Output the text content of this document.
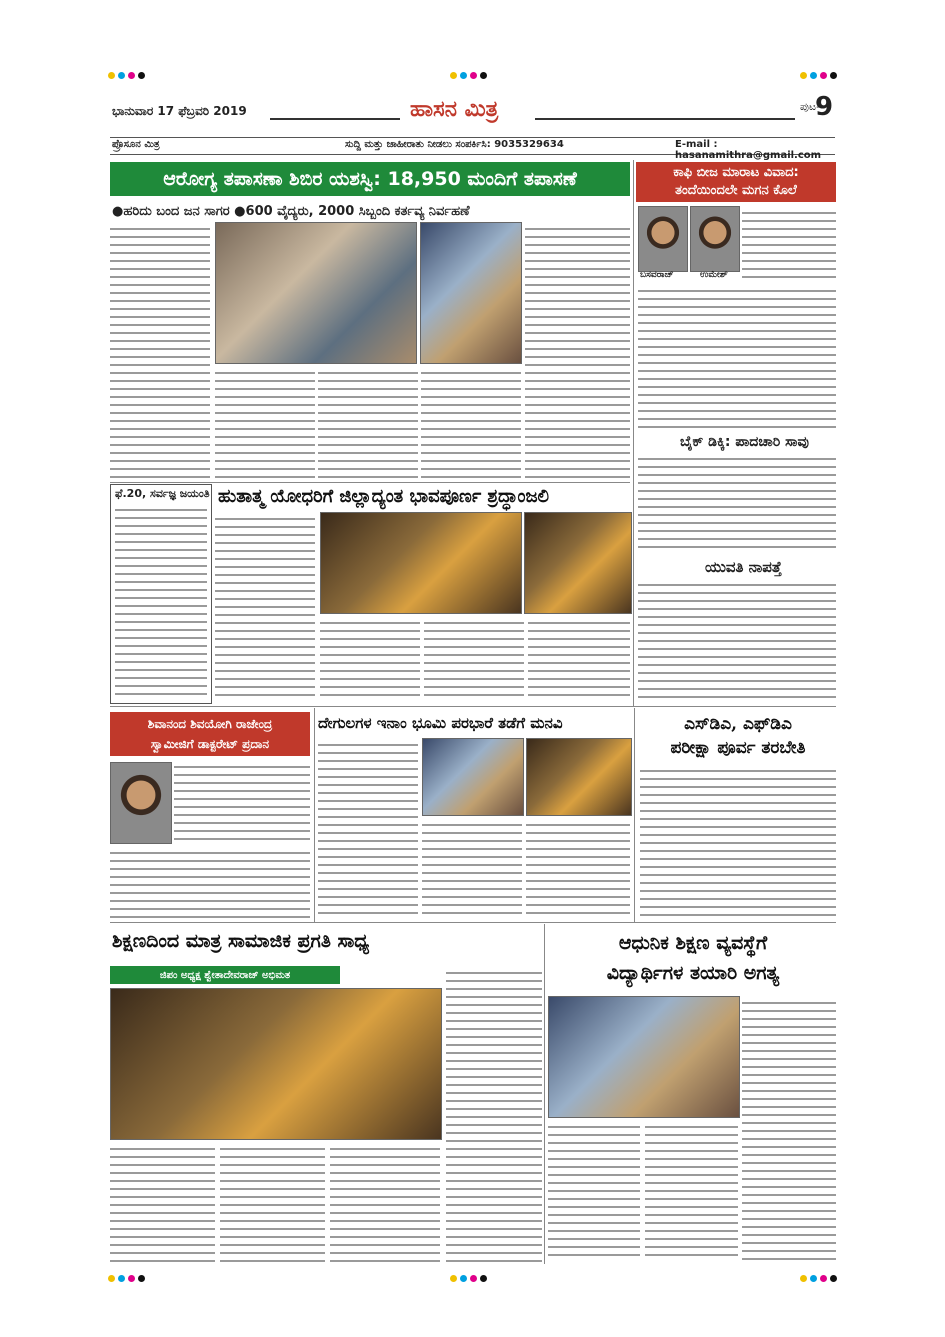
ಭಾನುವಾರ 17 ಫೆಬ್ರವರಿ 2019	ಹಾಸನ ಮಿತ್ರ	ಪುಟ-
9
ಪ್ರೊಸೂನ ಮಿತ್ರ	ಸುದ್ದಿ ಮತ್ತು ಜಾಹೀರಾತು ನೀಡಲು ಸಂಪರ್ಕಿಸಿ: 9035329634	E-mail : hasanamithra@gmail.com
ಆರೋಗ್ಯ ತಪಾಸಣಾ ಶಿಬಿರ ಯಶಸ್ವಿ: 18,950 ಮಂದಿಗೆ ತಪಾಸಣೆ
●ಹರಿದು ಬಂದ ಜನ ಸಾಗರ ●600 ವೈದ್ಯರು, 2000 ಸಿಬ್ಬಂದಿ ಕರ್ತವ್ಯ ನಿರ್ವಹಣೆ
ಕಾಫಿ ಬೀಜ ಮಾರಾಟ ವಿವಾದ:
ತಂದೆಯಿಂದಲೇ ಮಗನ ಕೊಲೆ
ಬಸವರಾಜ್	ಉಮೇಶ್
ಬೈಕ್ ಡಿಕ್ಕಿ: ಪಾದಚಾರಿ ಸಾವು
ಯುವತಿ ನಾಪತ್ತೆ
ಫೆ.20, ಸರ್ವಜ್ಞ ಜಯಂತಿ ಹುತಾತ್ಮ ಯೋಧರಿಗೆ ಜಿಲ್ಲಾದ್ಯಂತ ಭಾವಪೂರ್ಣ ಶ್ರದ್ಧಾಂಜಲಿ
ಶಿವಾನಂದ ಶಿವಯೋಗಿ ರಾಜೇಂದ್ರ
ಸ್ವಾಮೀಜಿಗೆ ಡಾಕ್ಟರೇಟ್ ಪ್ರದಾನ
ದೇಗುಲಗಳ ಇನಾಂ ಭೂಮಿ ಪರಭಾರೆ ತಡೆಗೆ ಮನವಿ	ಎಸ್‌ಡಿಎ, ಎಫ್‌ಡಿಎ
ಪರೀಕ್ಷಾ ಪೂರ್ವ ತರಬೇತಿ
ಶಿಕ್ಷಣದಿಂದ ಮಾತ್ರ ಸಾಮಾಜಿಕ ಪ್ರಗತಿ ಸಾಧ್ಯ
ಜಿಪಂ ಅಧ್ಯಕ್ಷ ಶ್ವೇತಾದೇವರಾಜ್ ಅಭಿಮತ
ಆಧುನಿಕ ಶಿಕ್ಷಣ ವ್ಯವಸ್ಥೆಗೆ
ವಿದ್ಯಾರ್ಥಿಗಳ ತಯಾರಿ ಅಗತ್ಯ
